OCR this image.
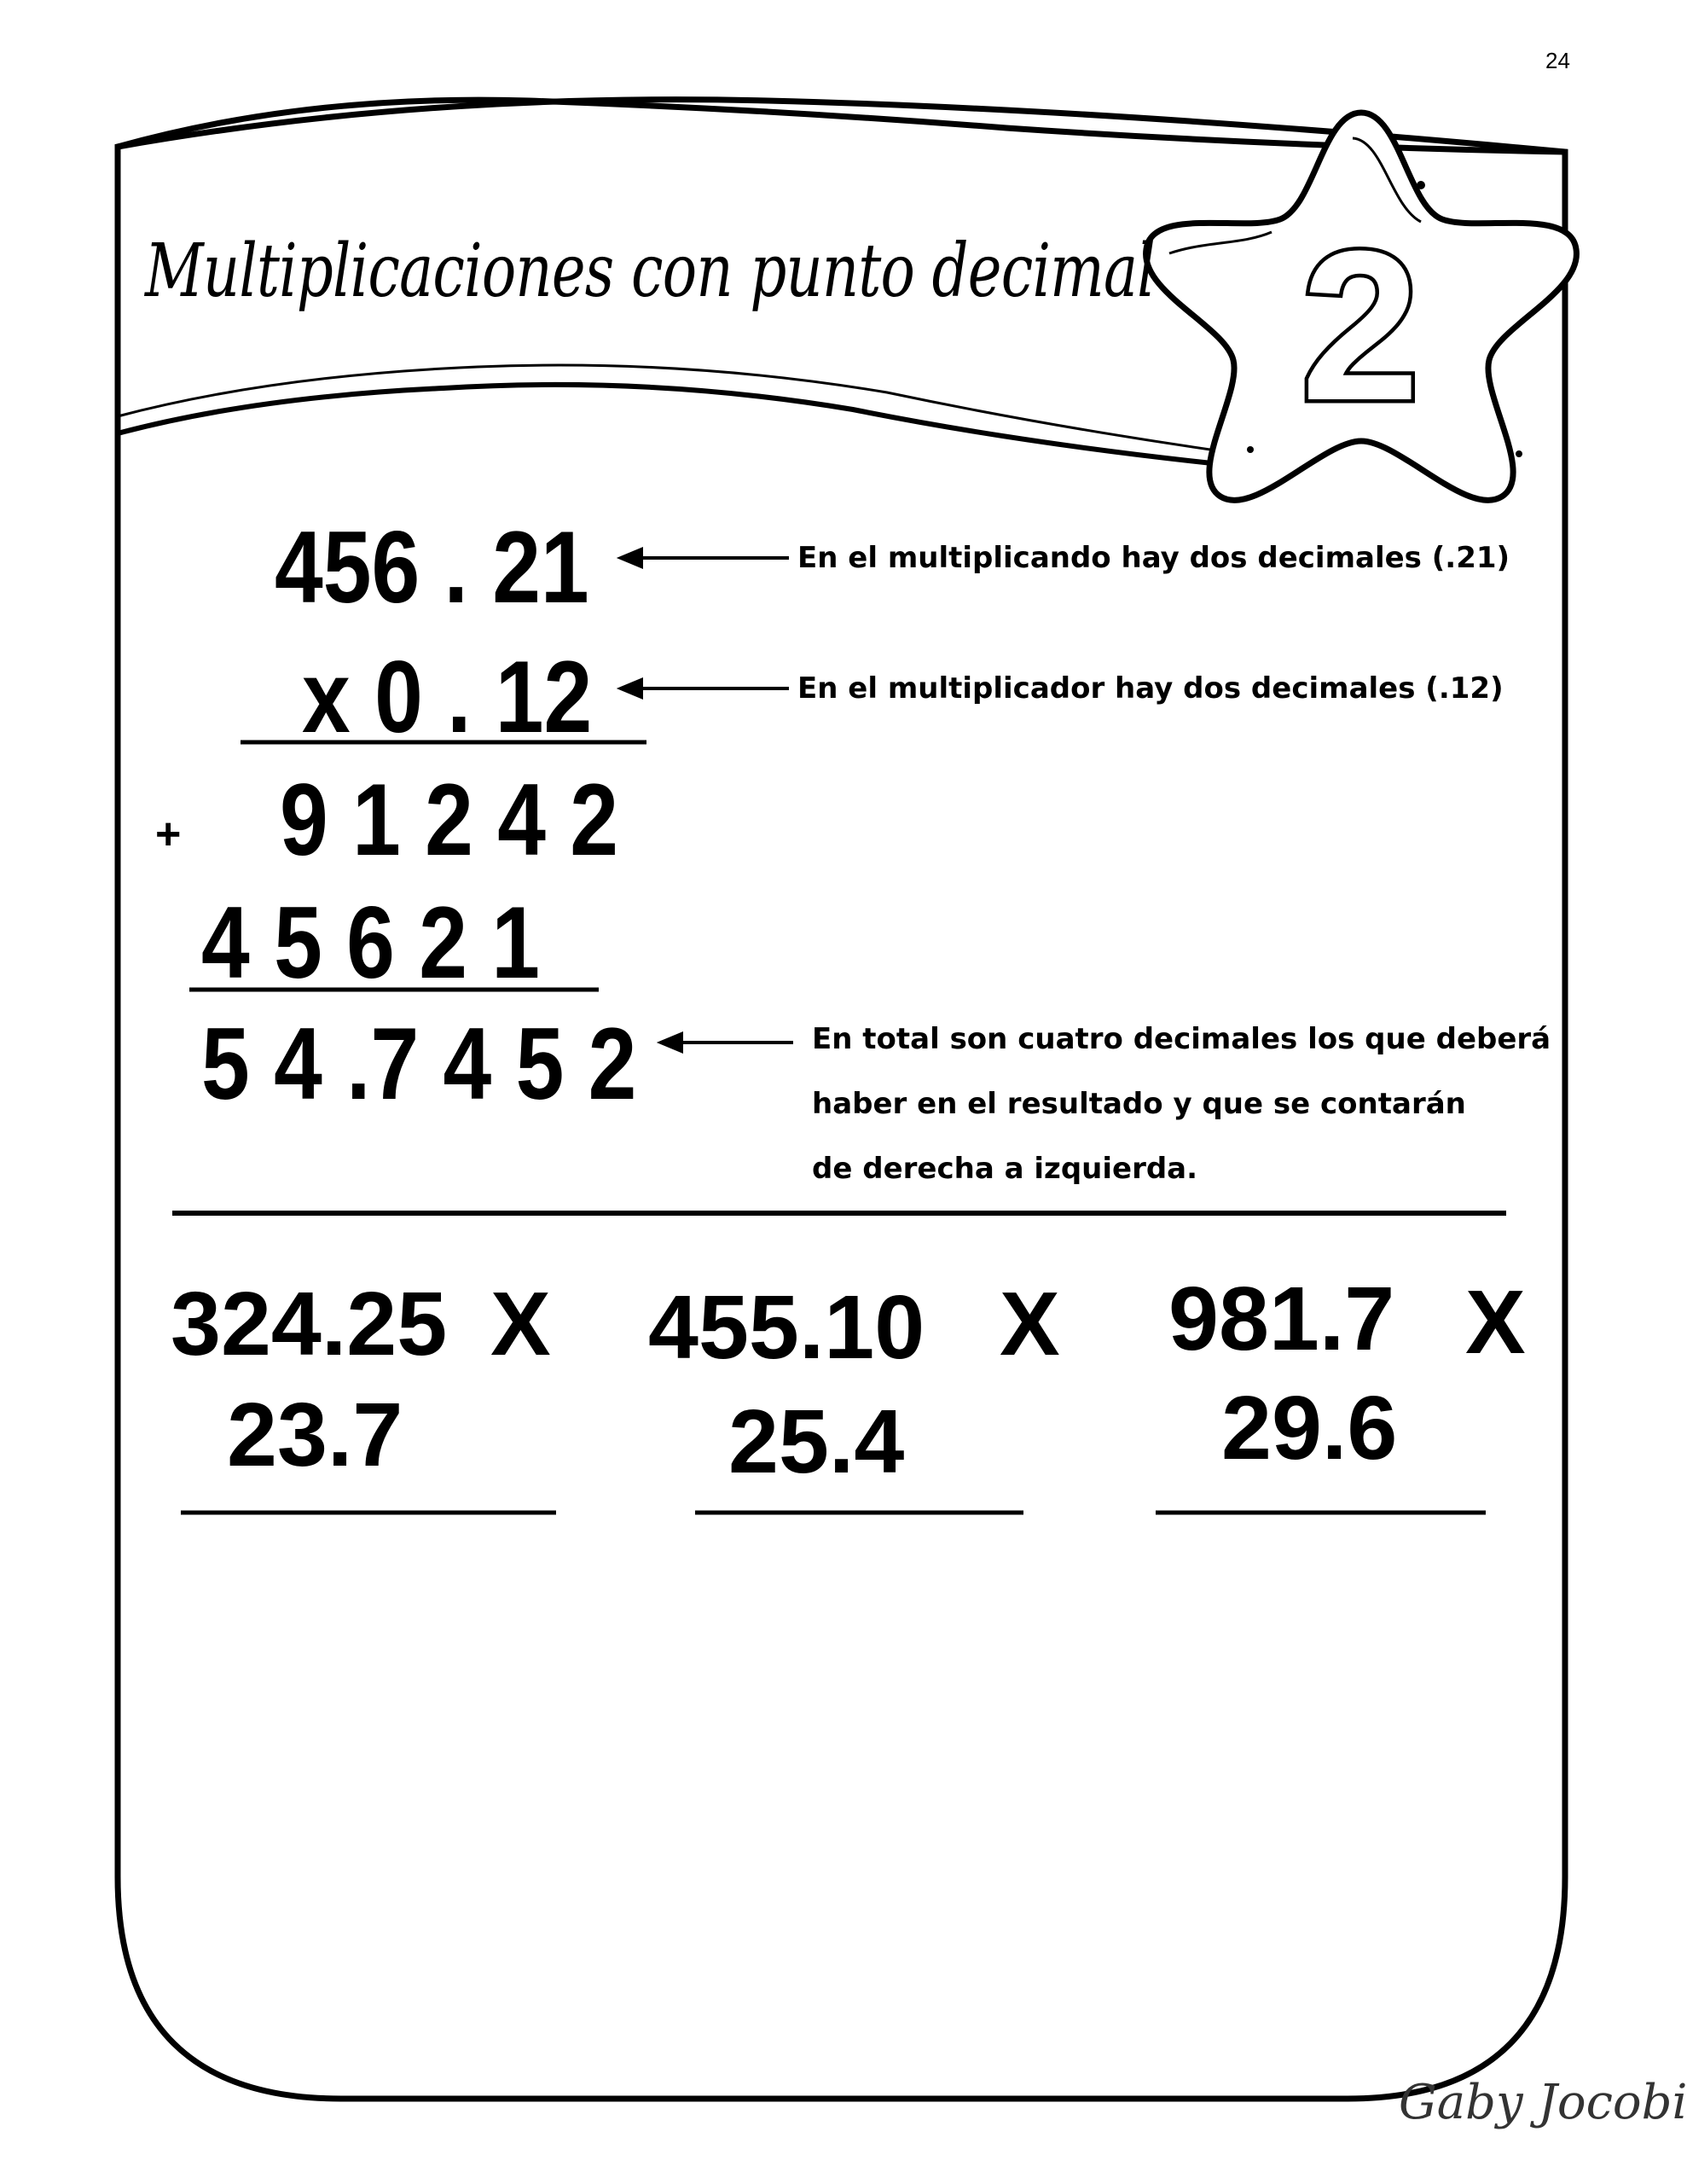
24
Multiplicaciones con punto decimal 2
456 . 21	En el multiplicando hay dos decimales (.21)
x 0 . 12	En el multiplicador hay dos decimales (.12)
9 1 2 4 2
+
4 5 6 2 1
5 4 .7 4 5 2	En total son cuatro decimales los que deberá
haber en el resultado y que se contarán
de derecha a izquierda.
324.25 X
23.7
455.10 X
25.4
981.7 X
29.6
Gaby Jocobi
